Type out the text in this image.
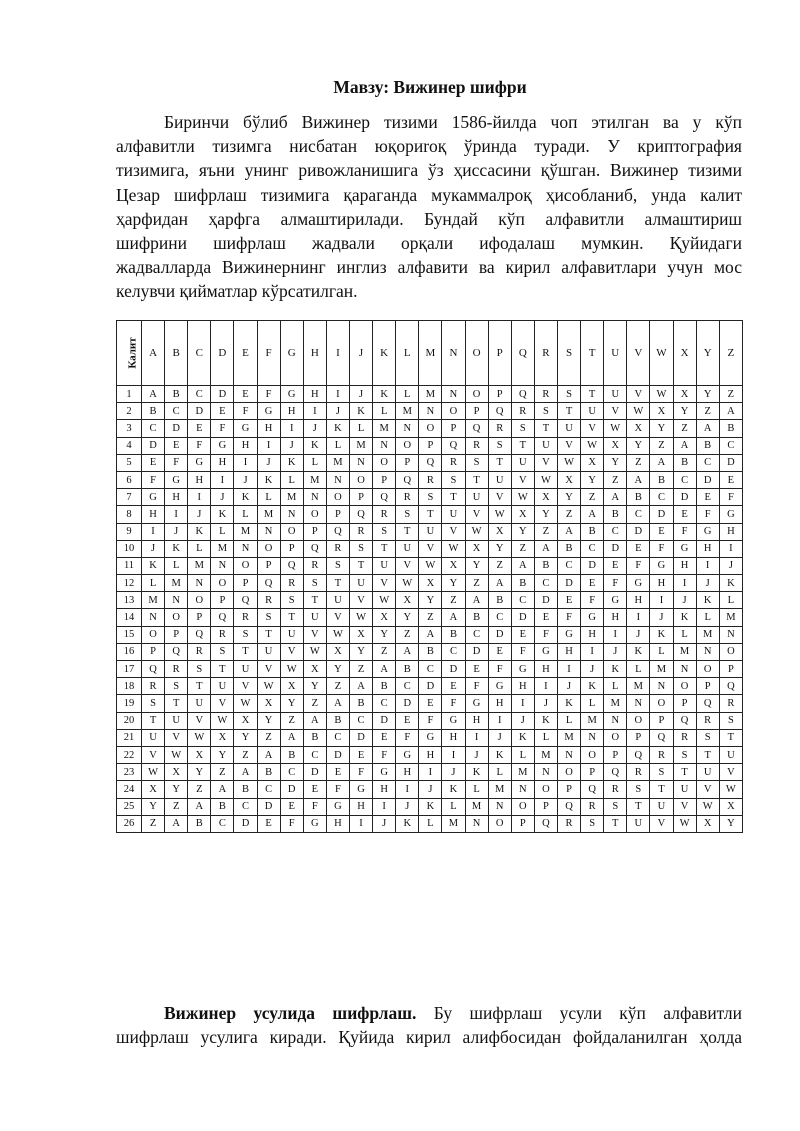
Мавзу: Вижинер шифри
Биринчи бўлиб Вижинер тизими 1586-йилда чоп этилган ва у кўп
алфавитли тизимга нисбатан юқориroқ ўринда туради. У криптография
тизимига, яъни унинг ривожланишига ўз ҳиссасини қўшган. Вижинер тизими
Цезар шифрлаш тизимига қараганда мукаммалроқ ҳисобланиб, унда калит
ҳарфидан ҳарфга алмаштирилади. Бундай кўп алфавитли алмаштириш
шифрини шифрлаш жадвали орқали ифодалаш мумкин. Қуйидаги
жадвалларда Вижинернинг инглиз алфавити ва кирил алфавитлари учун мос
келувчи қийматлар кўрсатилган.
Калит	A	B	C	D	E	F	G	H	I	J	K	L	M	N	O	P	Q	R	S	T	U	V	W	X	Y	Z
1	A	B	C	D	E	F	G	H	I	J	K	L	M	N	O	P	Q	R	S	T	U	V	W	X	Y	Z
2	B	C	D	E	F	G	H	I	J	K	L	M	N	O	P	Q	R	S	T	U	V	W	X	Y	Z	A
3	C	D	E	F	G	H	I	J	K	L	M	N	O	P	Q	R	S	T	U	V	W	X	Y	Z	A	B
4	D	E	F	G	H	I	J	K	L	M	N	O	P	Q	R	S	T	U	V	W	X	Y	Z	A	B	C
5	E	F	G	H	I	J	K	L	M	N	O	P	Q	R	S	T	U	V	W	X	Y	Z	A	B	C	D
6	F	G	H	I	J	K	L	M	N	O	P	Q	R	S	T	U	V	W	X	Y	Z	A	B	C	D	E
7	G	H	I	J	K	L	M	N	O	P	Q	R	S	T	U	V	W	X	Y	Z	A	B	C	D	E	F
8	H	I	J	K	L	M	N	O	P	Q	R	S	T	U	V	W	X	Y	Z	A	B	C	D	E	F	G
9	I	J	K	L	M	N	O	P	Q	R	S	T	U	V	W	X	Y	Z	A	B	C	D	E	F	G	H
10	J	K	L	M	N	O	P	Q	R	S	T	U	V	W	X	Y	Z	A	B	C	D	E	F	G	H	I
11	K	L	M	N	O	P	Q	R	S	T	U	V	W	X	Y	Z	A	B	C	D	E	F	G	H	I	J
12	L	M	N	O	P	Q	R	S	T	U	V	W	X	Y	Z	A	B	C	D	E	F	G	H	I	J	K
13	M	N	O	P	Q	R	S	T	U	V	W	X	Y	Z	A	B	C	D	E	F	G	H	I	J	K	L
14	N	O	P	Q	R	S	T	U	V	W	X	Y	Z	A	B	C	D	E	F	G	H	I	J	K	L	M
15	O	P	Q	R	S	T	U	V	W	X	Y	Z	A	B	C	D	E	F	G	H	I	J	K	L	M	N
16	P	Q	R	S	T	U	V	W	X	Y	Z	A	B	C	D	E	F	G	H	I	J	K	L	M	N	O
17	Q	R	S	T	U	V	W	X	Y	Z	A	B	C	D	E	F	G	H	I	J	K	L	M	N	O	P
18	R	S	T	U	V	W	X	Y	Z	A	B	C	D	E	F	G	H	I	J	K	L	M	N	O	P	Q
19	S	T	U	V	W	X	Y	Z	A	B	C	D	E	F	G	H	I	J	K	L	M	N	O	P	Q	R
20	T	U	V	W	X	Y	Z	A	B	C	D	E	F	G	H	I	J	K	L	M	N	O	P	Q	R	S
21	U	V	W	X	Y	Z	A	B	C	D	E	F	G	H	I	J	K	L	M	N	O	P	Q	R	S	T
22	V	W	X	Y	Z	A	B	C	D	E	F	G	H	I	J	K	L	M	N	O	P	Q	R	S	T	U
23	W	X	Y	Z	A	B	C	D	E	F	G	H	I	J	K	L	M	N	O	P	Q	R	S	T	U	V
24	X	Y	Z	A	B	C	D	E	F	G	H	I	J	K	L	M	N	O	P	Q	R	S	T	U	V	W
25	Y	Z	A	B	C	D	E	F	G	H	I	J	K	L	M	N	O	P	Q	R	S	T	U	V	W	X
26	Z	A	B	C	D	E	F	G	H	I	J	K	L	M	N	O	P	Q	R	S	T	U	V	W	X	Y
Вижинер усулида шифрлаш. Бу шифрлаш усули кўп алфавитли
шифрлаш усулига киради. Қуйида кирил алифбосидан фойдаланилган ҳолда
